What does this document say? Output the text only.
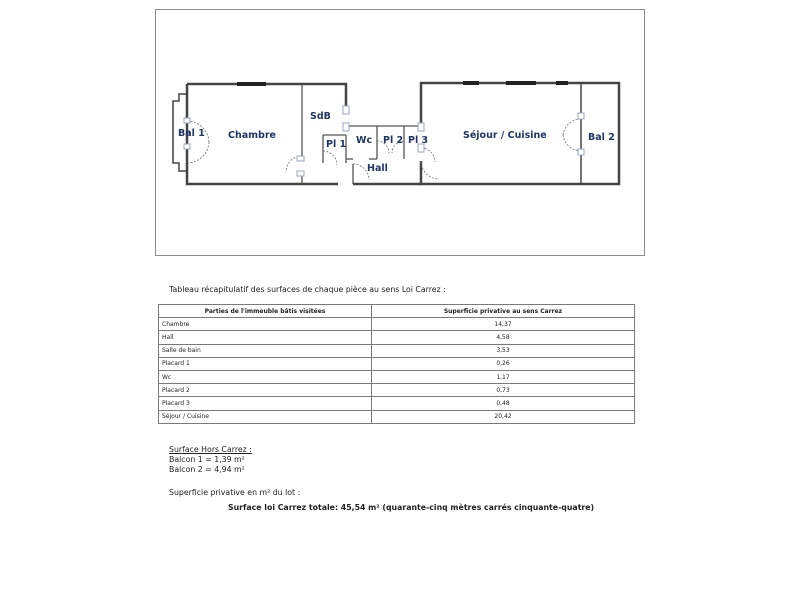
Bal 1 Chambre
SdB
Pl 1 Wc Pl 2 Pl 3
Hall
Séjour / Cuisine	Bal 2
Tableau récapitulatif des surfaces de chaque pièce au sens Loi Carrez :
Parties de l'immeuble bâtis visitées	Superficie privative au sens Carrez
Chambre	14,37
Hall	4,58
Salle de bain	3,53
Placard 1	0,26
Wc	1,17
Placard 2	0,73
Placard 3	0,48
Séjour / Cuisine	20,42
Surface Hors Carrez :
Balcon 1 = 1,39 m²
Balcon 2 = 4,94 m²
Superficie privative en m² du lot :
Surface loi Carrez totale: 45,54 m² (quarante-cinq mètres carrés cinquante-quatre)
